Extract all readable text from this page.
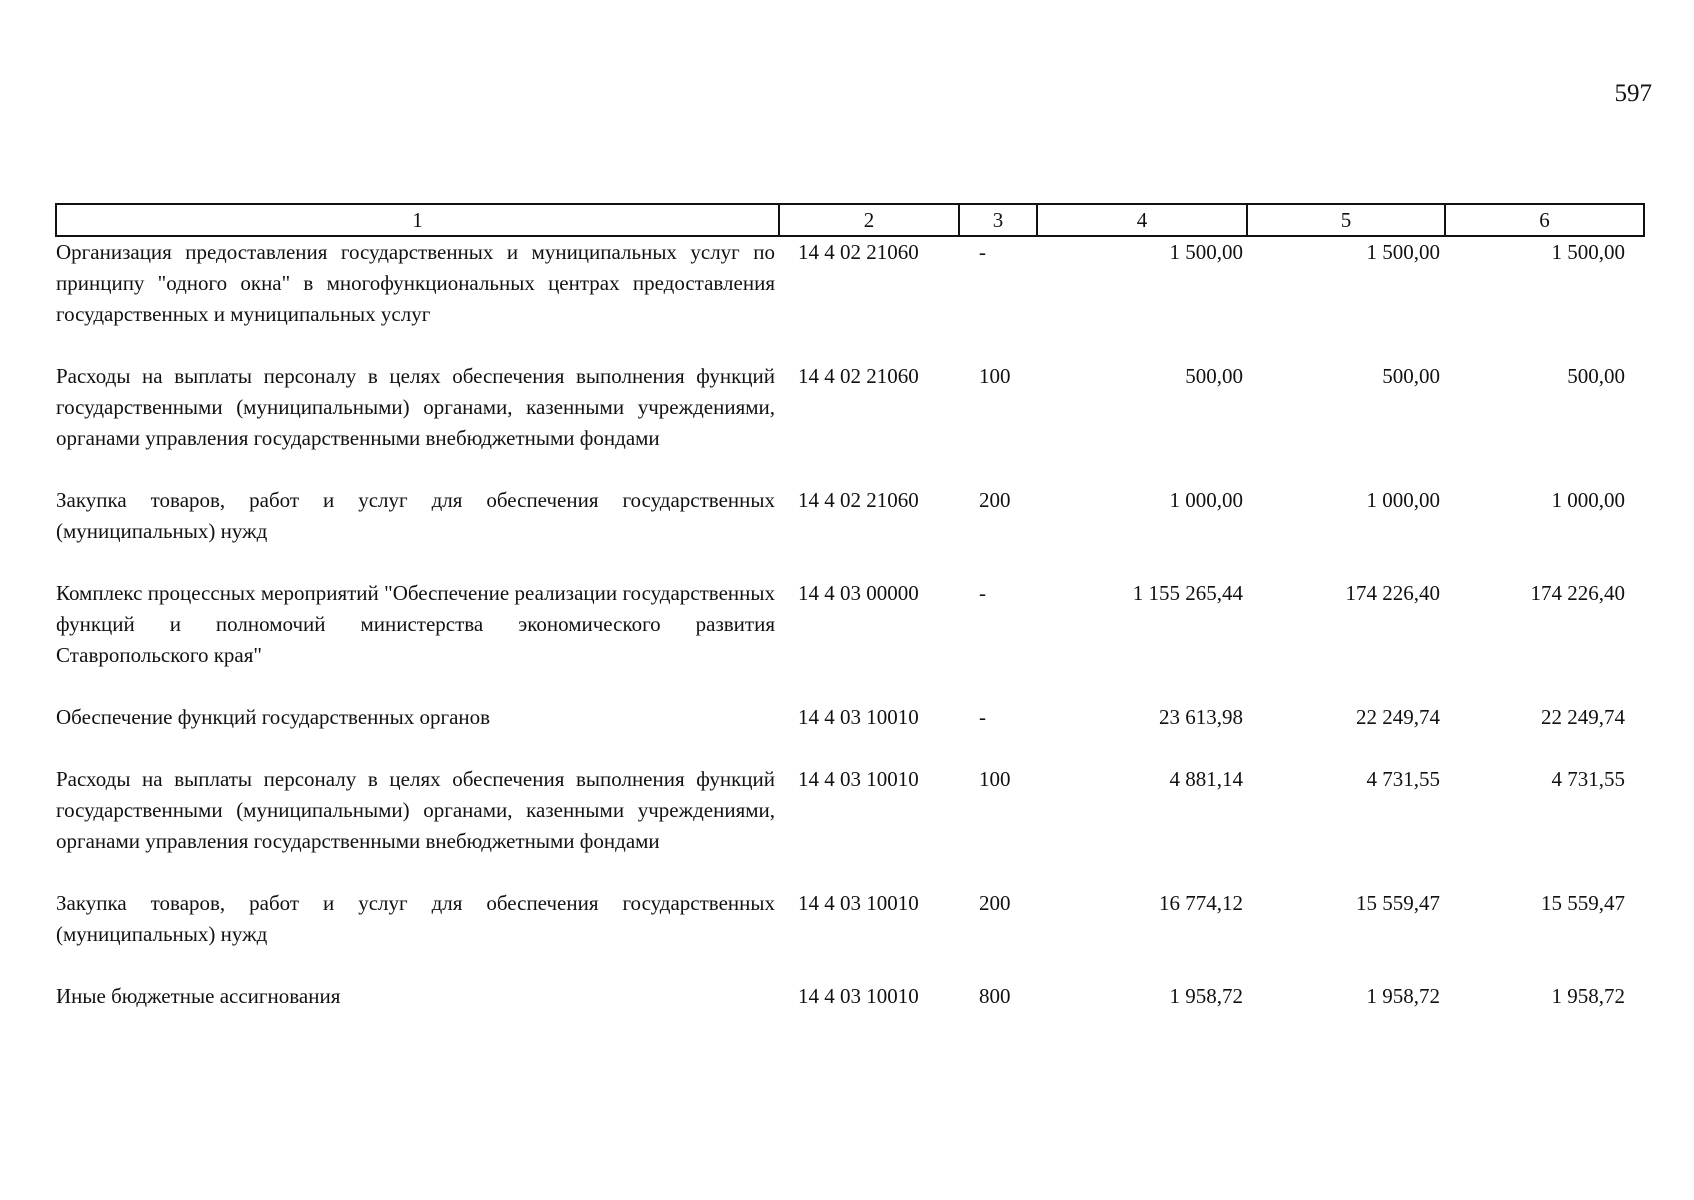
597
1	2	3	4	5	6
Организация предоставления государственных и муниципальных услуг по принципу "одного окна" в многофункциональных центрах предоставления государственных и муниципальных услуг	14 4 02 21060	-	1 500,00	1 500,00	1 500,00
Расходы на выплаты персоналу в целях обеспечения выполнения функций государственными (муниципальными) органами, казенными учреждениями, органами управления государственными внебюджетными фондами	14 4 02 21060	100	500,00	500,00	500,00
Закупка товаров, работ и услуг для обеспечения государственных (муниципальных) нужд	14 4 02 21060	200	1 000,00	1 000,00	1 000,00
Комплекс процессных мероприятий "Обеспечение реализации государственных функций и полномочий министерства экономического развития Ставропольского края"	14 4 03 00000	-	1 155 265,44	174 226,40	174 226,40
Обеспечение функций государственных органов	14 4 03 10010	-	23 613,98	22 249,74	22 249,74
Расходы на выплаты персоналу в целях обеспечения выполнения функций государственными (муниципальными) органами, казенными учреждениями, органами управления государственными внебюджетными фондами	14 4 03 10010	100	4 881,14	4 731,55	4 731,55
Закупка товаров, работ и услуг для обеспечения государственных (муниципальных) нужд	14 4 03 10010	200	16 774,12	15 559,47	15 559,47
Иные бюджетные ассигнования	14 4 03 10010	800	1 958,72	1 958,72	1 958,72
